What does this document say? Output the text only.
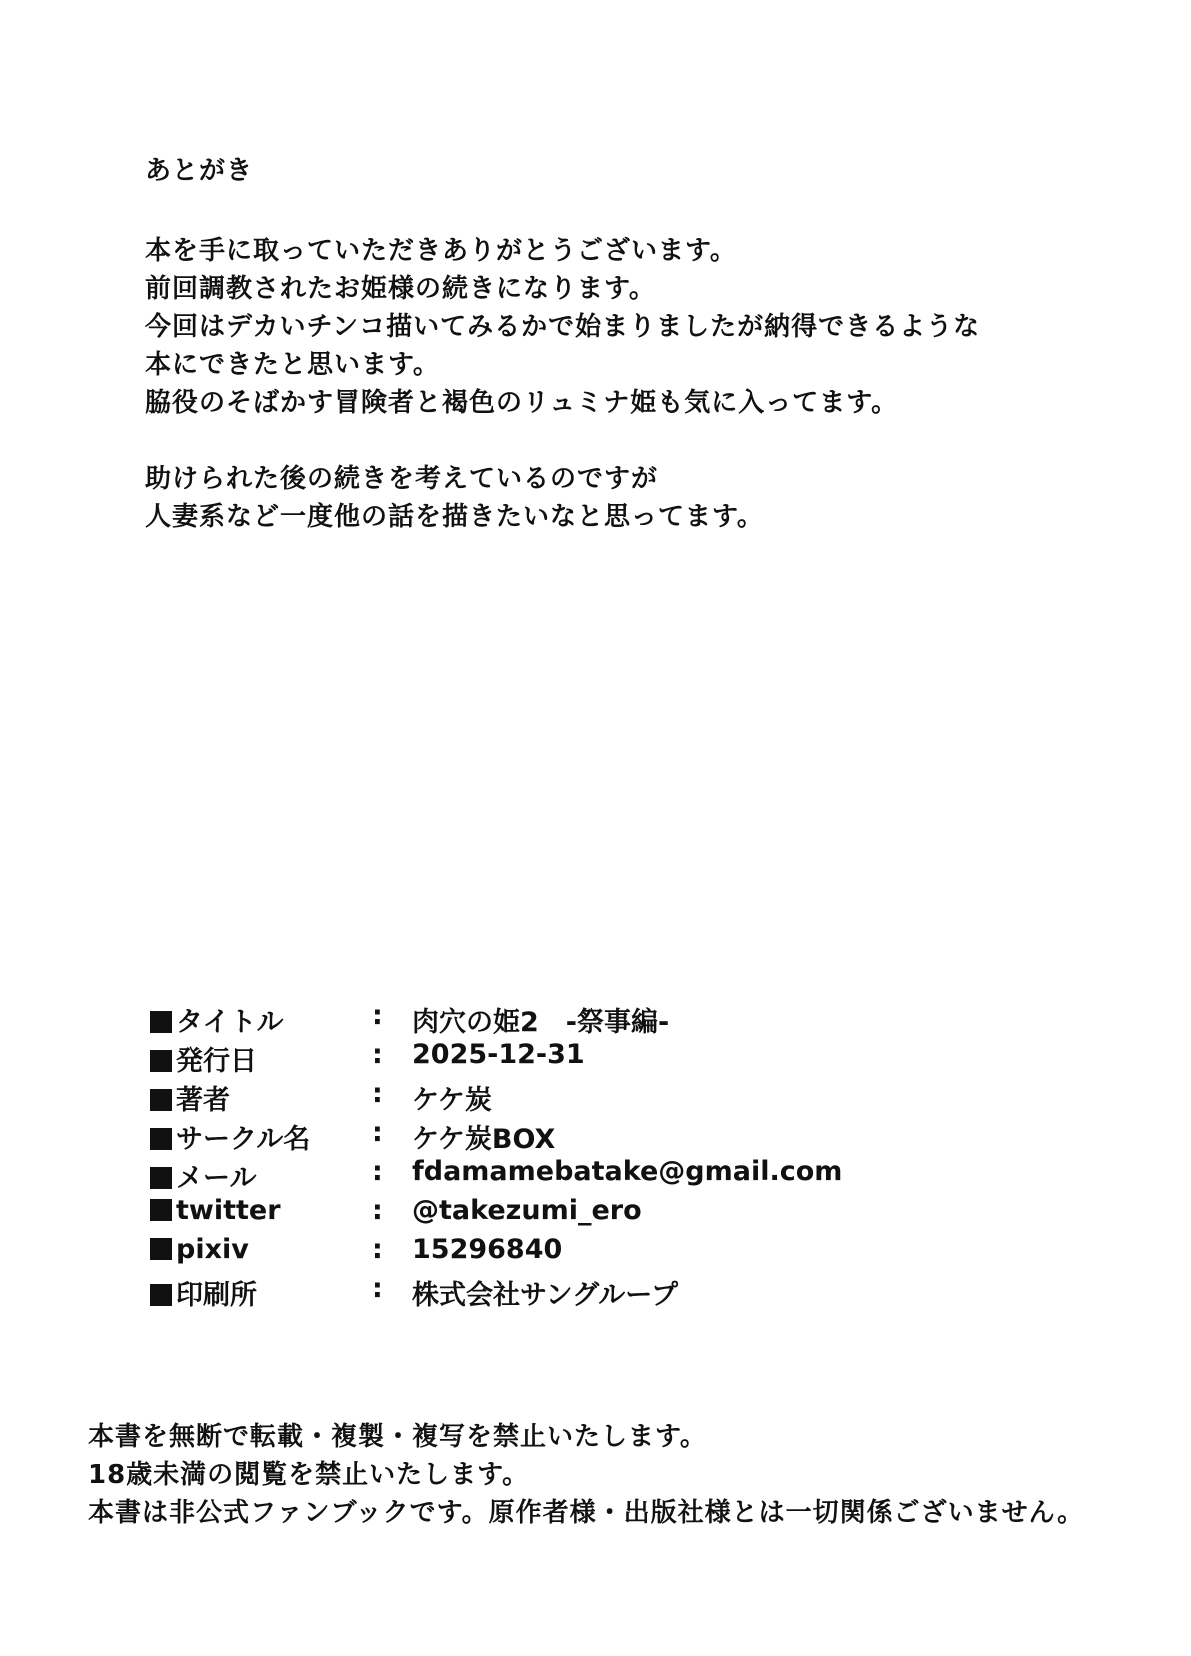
あとがき
本を手に取っていただきありがとうございます。
前回調教されたお姫様の続きになります。
今回はデカいチンコ描いてみるかで始まりましたが納得できるような
本にできたと思います。
脇役のそばかす冒険者と褐色のリュミナ姫も気に入ってます。
助けられた後の続きを考えているのですが
人妻系など一度他の話を描きたいなと思ってます。
タイトル	: 肉穴の姫2　-祭事編-
発行日	: 2025-12-31
著者	: ケケ炭
サークル名 : ケケ炭BOX
メール	: fdamamebatake@gmail.com
twitter	: @takezumi_ero
pixiv	: 15296840
印刷所	: 株式会社サングループ
本書を無断で転載・複製・複写を禁止いたします。
18歳未満の閲覧を禁止いたします。
本書は非公式ファンブックです。原作者様・出版社様とは一切関係ございません。
